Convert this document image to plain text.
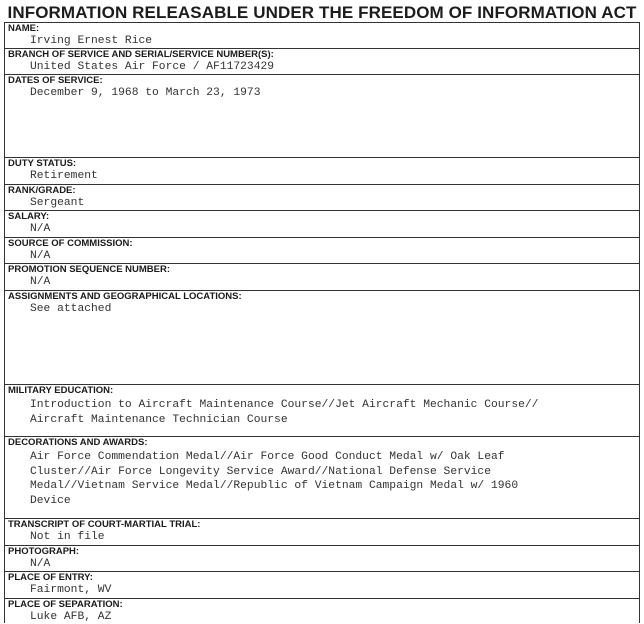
INFORMATION RELEASABLE UNDER THE FREEDOM OF INFORMATION ACT
NAME:
Irving Ernest Rice
BRANCH OF SERVICE AND SERIAL/SERVICE NUMBER(S):
United States Air Force / AF11723429
DATES OF SERVICE:
December 9, 1968 to March 23, 1973
DUTY STATUS:
Retirement
RANK/GRADE:
Sergeant
SALARY:
N/A
SOURCE OF COMMISSION:
N/A
PROMOTION SEQUENCE NUMBER:
N/A
ASSIGNMENTS AND GEOGRAPHICAL LOCATIONS:
See attached
MILITARY EDUCATION:
Introduction to Aircraft Maintenance Course//Jet Aircraft Mechanic Course//
Aircraft Maintenance Technician Course
DECORATIONS AND AWARDS:
Air Force Commendation Medal//Air Force Good Conduct Medal w/ Oak Leaf
Cluster//Air Force Longevity Service Award//National Defense Service
Medal//Vietnam Service Medal//Republic of Vietnam Campaign Medal w/ 1960
Device
TRANSCRIPT OF COURT-MARTIAL TRIAL:
Not in file
PHOTOGRAPH:
N/A
PLACE OF ENTRY:
Fairmont, WV
PLACE OF SEPARATION:
Luke AFB, AZ
